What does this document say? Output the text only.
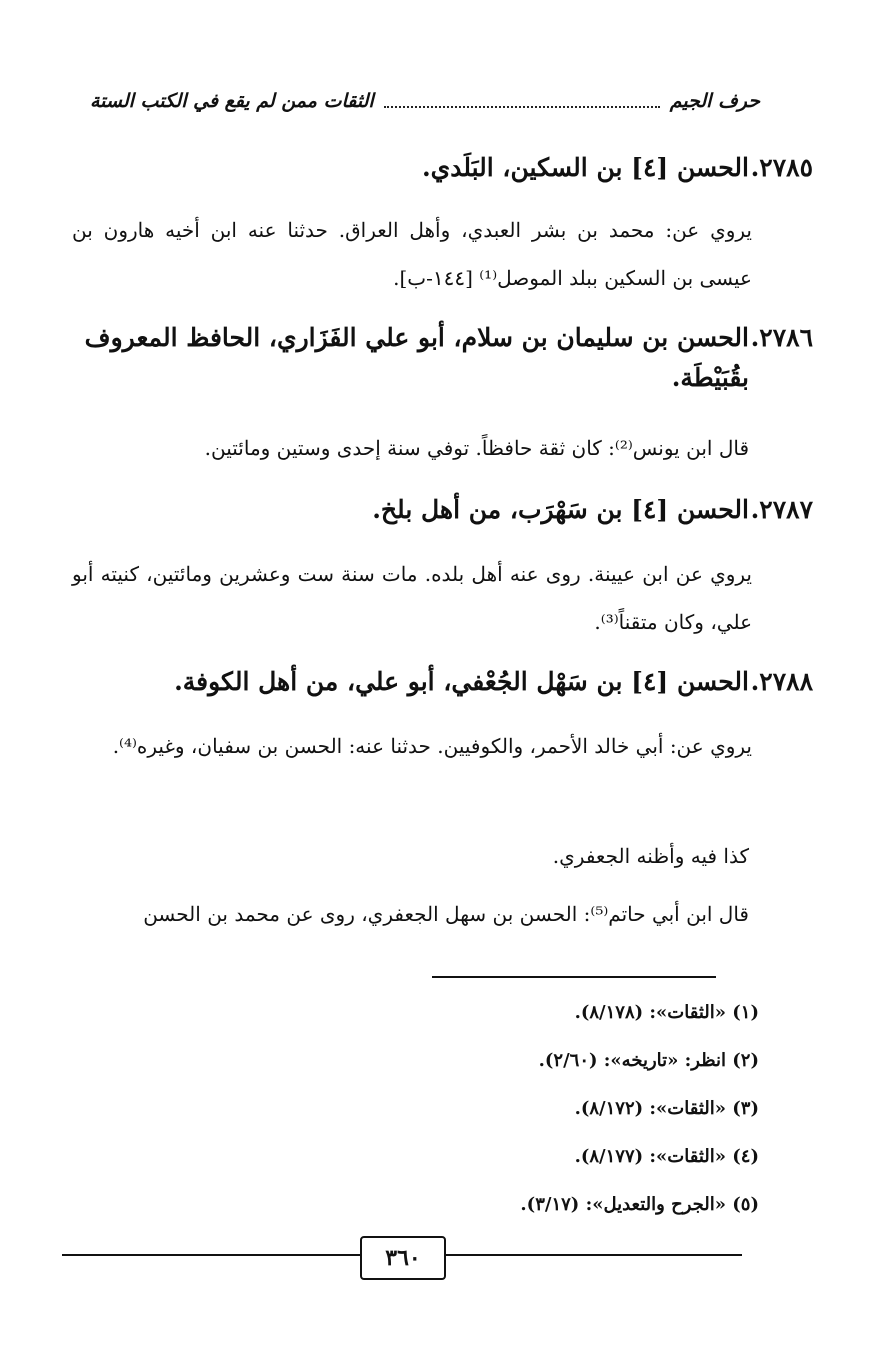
حرف الجيم
الثقات ممن لم يقع في الكتب الستة
٢٧٨٥.
الحسن [٤] بن السكين، البَلَدي.
يروي عن: محمد بن بشر العبدي، وأهل العراق. حدثنا عنه ابن أخيه هارون بن عيسى بن السكين ببلد الموصل⁽¹⁾ [١٤٤-ب].
٢٧٨٦.
الحسن بن سليمان بن سلام، أبو علي الفَزَاري، الحافظ المعروف
بقُبَيْطَة.
قال ابن يونس⁽²⁾: كان ثقة حافظاً. توفي سنة إحدى وستين ومائتين.
٢٧٨٧.
الحسن [٤] بن سَهْرَب، من أهل بلخ.
يروي عن ابن عيينة. روى عنه أهل بلده. مات سنة ست وعشرين ومائتين، كنيته أبو علي، وكان متقناً⁽³⁾.
٢٧٨٨.
الحسن [٤] بن سَهْل الجُعْفي، أبو علي، من أهل الكوفة.
يروي عن: أبي خالد الأحمر، والكوفيين. حدثنا عنه: الحسن بن سفيان، وغيره⁽⁴⁾.
كذا فيه وأظنه الجعفري.
قال ابن أبي حاتم⁽⁵⁾: الحسن بن سهل الجعفري، روى عن محمد بن الحسن
(١) «الثقات»: (٨/١٧٨).
(٢) انظر: «تاريخه»: (٢/٦٠).
(٣) «الثقات»: (٨/١٧٢).
(٤) «الثقات»: (٨/١٧٧).
(٥) «الجرح والتعديل»: (٣/١٧).
٣٦٠
